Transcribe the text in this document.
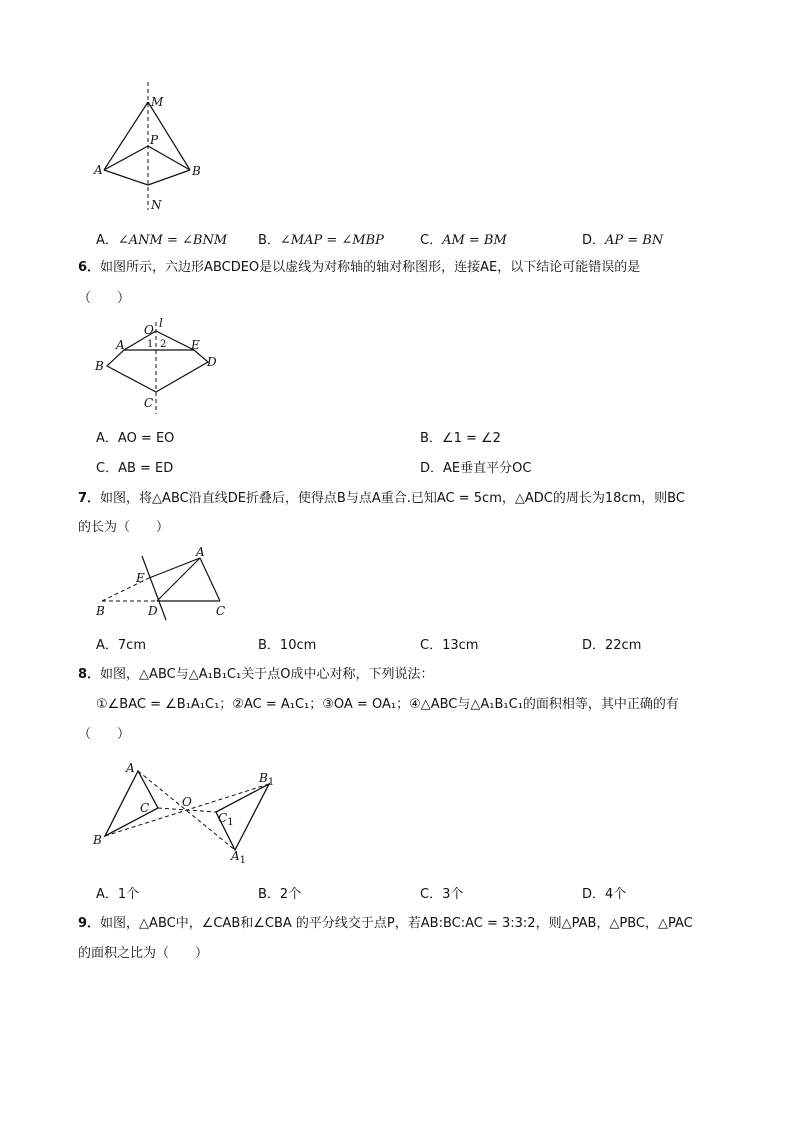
M
P
A	B
N
A．∠ANM = ∠BNM B．∠MAP = ∠MBP	C．AM = BM	D．AP = BN
6．如图所示，六边形ABCDEO是以虚线为对称轴的轴对称图形，连接AE，以下结论可能错误的是
（　　）
O l
A 1 2 E
B	D
C
A．AO = EO	B．∠1 = ∠2
C．AB = ED	D．AE垂直平分OC
7．如图，将△ABC沿直线DE折叠后，使得点B与点A重合.已知AC = 5cm，△ADC的周长为18cm，则BC
的长为（　　）
A
E
B	D	C
A．7cm	B．10cm	C．13cm	D．22cm
8．如图，△ABC与△A₁B₁C₁关于点O成中心对称，下列说法：
①∠BAC = ∠B₁A₁C₁；②AC = A₁C₁；③OA = OA₁；④△ABC与△A₁B₁C₁的面积相等，其中正确的有
（　　）
A
C	O
B
$B_1$
$C_1$
$A_1$
A．1个	B．2个	C．3个	D．4个
9．如图，△ABC中，∠CAB和∠CBA 的平分线交于点P，若AB:BC:AC = 3:3:2，则△PAB，△PBC，△PAC
的面积之比为（　　）
